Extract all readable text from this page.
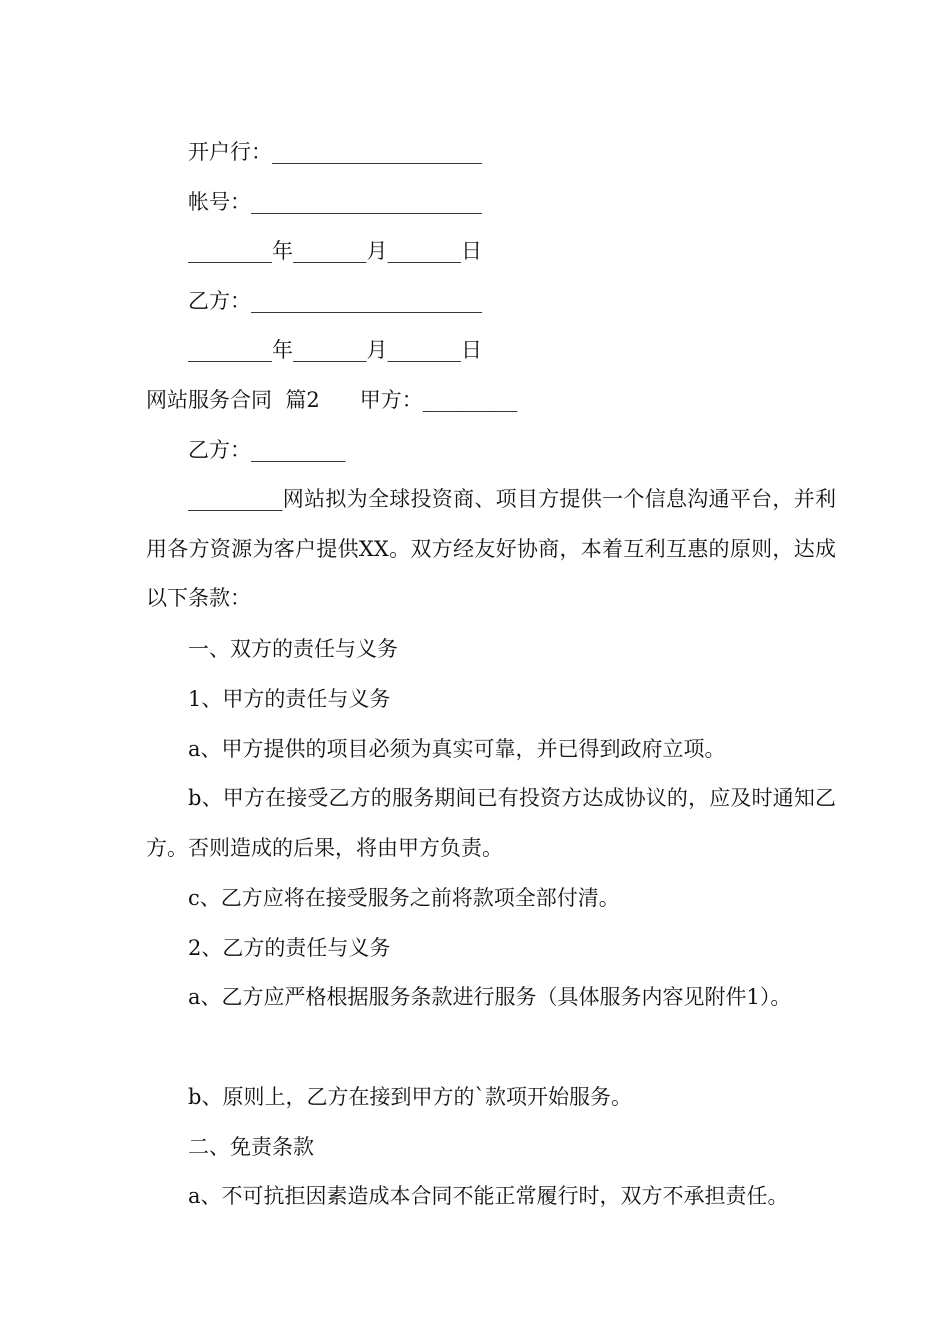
开户行：____________________
帐号：______________________
________年_______月_______日
乙方：______________________
________年_______月_______日
网站服务合同  篇2      甲方：_________
乙方：_________
_________网站拟为全球投资商、项目方提供一个信息沟通平台，并利用各方资源为客户提供XX。双方经友好协商，本着互利互惠的原则，达成以下条款：
一、双方的责任与义务
1、甲方的责任与义务
a、甲方提供的项目必须为真实可靠，并已得到政府立项。
b、甲方在接受乙方的服务期间已有投资方达成协议的，应及时通知乙方。否则造成的后果，将由甲方负责。
c、乙方应将在接受服务之前将款项全部付清。
2、乙方的责任与义务
a、乙方应严格根据服务条款进行服务（具体服务内容见附件1）。
b、原则上，乙方在接到甲方的`款项开始服务。
二、免责条款
a、不可抗拒因素造成本合同不能正常履行时，双方不承担责任。
